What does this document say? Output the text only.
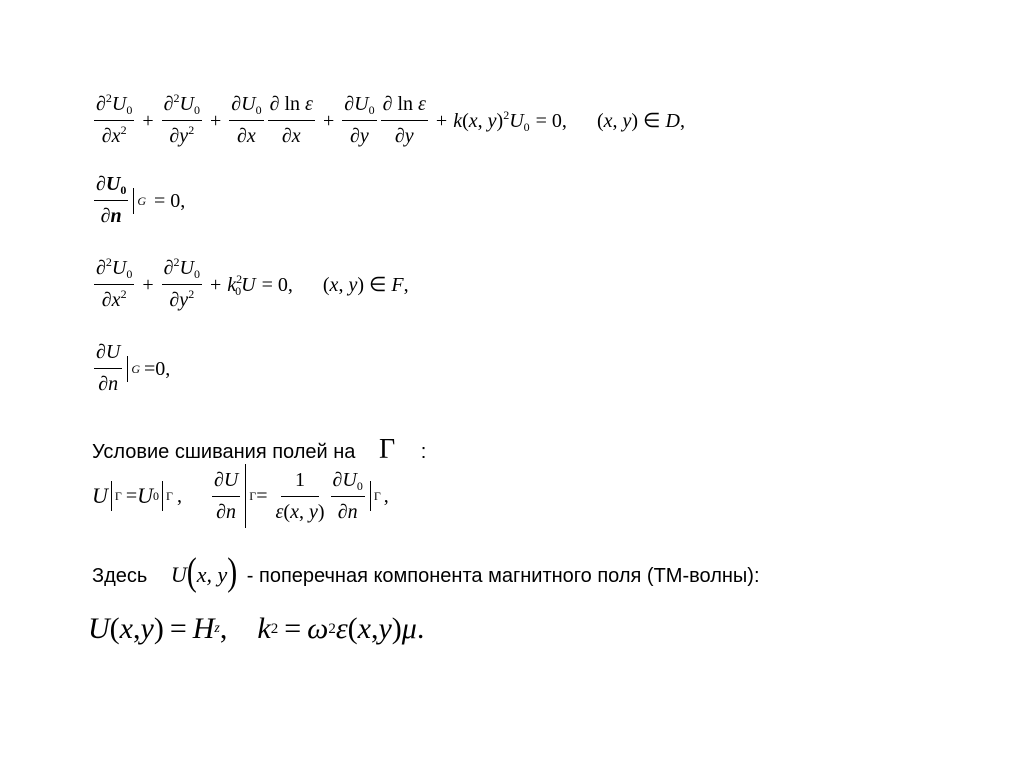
$\frac{\partial^2U_0}{\partial x^2} + \frac{\partial^2U_0}{\partial y^2} + \frac{\partial U_0}{\partial x} \frac{\text{∂ ln ε}}{\partial x} + \frac{\partial U_0}{\partial y} \frac{\text{∂ ln ε}}{\partial y} + k(x$, $y)^2U_0 = 0$, (x, y) ∈ D,
$\frac{\partial U_0}{\partial n}$ G = 0,
$\frac{\partial^2U_0}{\partial x^2} + \frac{\partial^2U_0}{\partial y^2} + k^2_0U = 0$, (x, y) ∈ F,
$\frac{\partial U}{\partial n}$ G =0,
Условие сшивания полей на Γ :
U Γ = U 0 Γ , $\frac{\partial U}{\partial n}$ $\Gamma = \frac{1}{\varepsilon(x, y)} \frac{\partial U_0}{\partial n}$ Γ ,
Здесь U(x, y) - поперечная компонента магнитного поля (ТМ-волны):
U ( x , y ) = H z , k 2 = ω 2 ε ( x , y ) μ .
